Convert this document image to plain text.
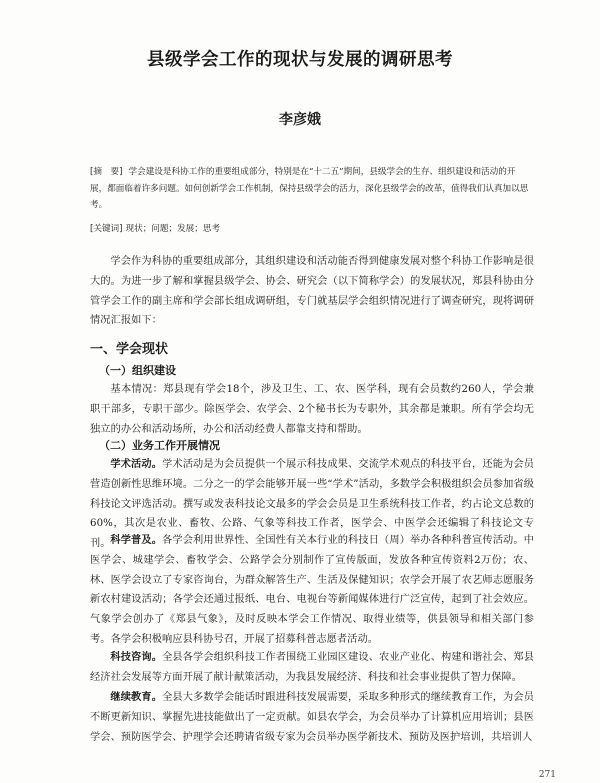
县级学会工作的现状与发展的调研思考
李彦娥
[摘　要] 学会建设是科协工作的重要组成部分，特别是在“十二五”期间，县级学会的生存、组织建设和活动的开展，都面临着许多问题。如何创新学会工作机制，保持县级学会的活力，深化县级学会的改革，值得我们认真加以思考。
[关键词] 现状；问题；发展；思考
学会作为科协的重要组成部分，其组织建设和活动能否得到健康发展对整个科协工作影响是很大的。为进一步了解和掌握县级学会、协会、研究会（以下简称学会）的发展状况，郑县科协由分管学会工作的副主席和学会部长组成调研组，专门就基层学会组织情况进行了调查研究，现将调研情况汇报如下：
一、学会现状
（一）组织建设
基本情况：郑县现有学会18个，涉及卫生、工、农、医学科，现有会员数约260人，学会兼职干部多，专职干部少。除医学会、农学会、2个秘书长为专职外，其余都是兼职。所有学会均无独立的办公和活动场所，办公和活动经费人都靠支持和帮助。
（二）业务工作开展情况
学术活动。学术活动是为会员提供一个展示科技成果、交流学术观点的科技平台，还能为会员营造创新性思维环境。二分之一的学会能够开展一些“学术”活动，多数学会积极组织会员参加省级科技论文评选活动。撰写或发表科技论文最多的学会会员是卫生系统科技工作者，约占论文总数的60%，其次是农业、畜牧、公路、气象等科技工作者，医学会、中医学会还编辑了科技论文专刊。 科学普及。各学会利用世界性、全国性有关本行业的科技日（周）举办各种科普宣传活动。中医学会、城建学会、畜牧学会、公路学会分别制作了宣传版面，发放各种宣传资料2万份；农、林、医学会设立了专家咨询台，为群众解答生产、生活及保健知识；农学会开展了农艺师志愿服务新农村建设活动；各学会还通过报纸、电台、电视台等新闻媒体进行广泛宣传，起到了社会效应。气象学会创办了《郑县气象》，及时反映本学会工作情况、取得业绩等，供县领导和相关部门参考。各学会积极响应县科协号召，开展了招募科普志愿者活动。
科技咨询。全县各学会组织科技工作者围绕工业园区建设、农业产业化、构建和谐社会、郑县经济社会发展等方面开展了献计献策活动，为我县发展经济、科技和社会事业提供了智力保障。
继续教育。全县大多数学会能话时跟进科技发展需要，采取多种形式的继续教育工作，为会员不断更新知识、掌握先进技能做出了一定贡献。如县农学会，为会员举办了计算机应用培训；县医学会、预防医学会、护理学会还聘请省级专家为会员举办医学新技术、预防及医护培训，共培训人
271
